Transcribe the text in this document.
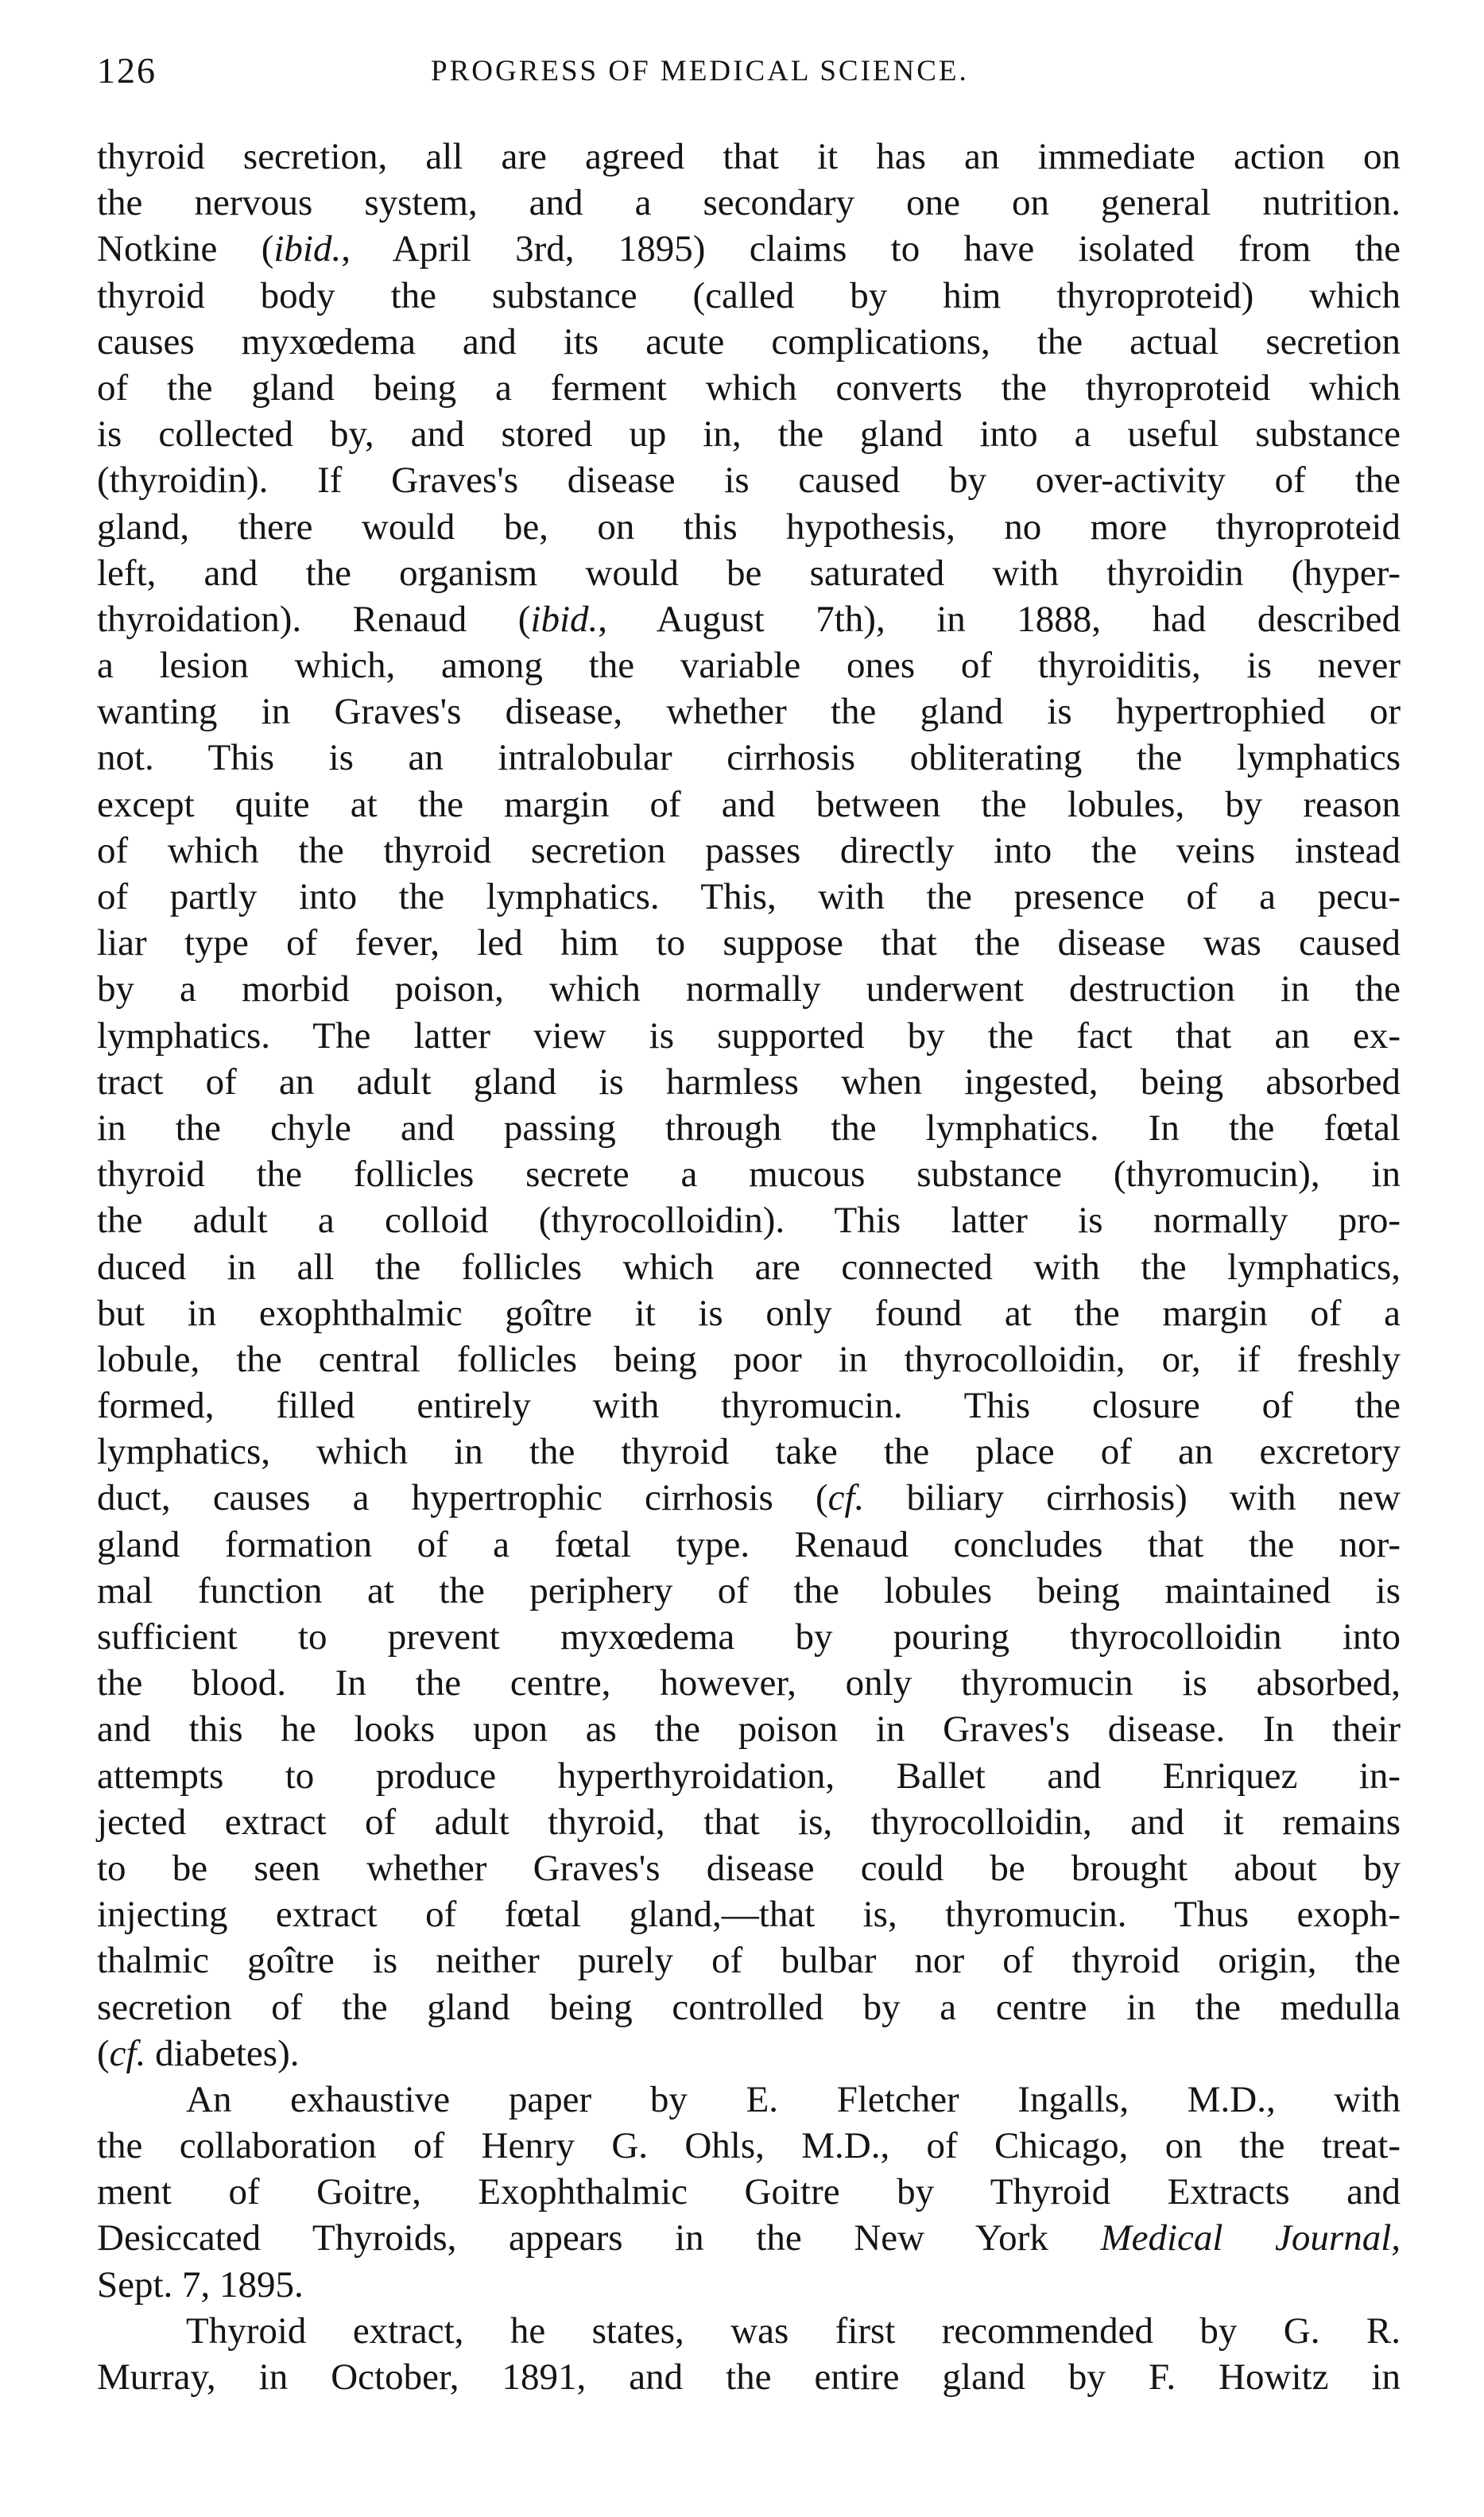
126	PROGRESS OF MEDICAL SCIENCE.
thyroid secretion, all are agreed that it has an immediate action on
the nervous system, and a secondary one on general nutrition.
Notkine (ibid., April 3rd, 1895) claims to have isolated from the
thyroid body the substance (called by him thyroproteid) which
causes myxœdema and its acute complications, the actual secretion
of the gland being a ferment which converts the thyroproteid which
is collected by, and stored up in, the gland into a useful substance
(thyroidin). If Graves's disease is caused by over-activity of the
gland, there would be, on this hypothesis, no more thyroproteid
left, and the organism would be saturated with thyroidin (hyper-
thyroidation). Renaud (ibid., August 7th), in 1888, had described
a lesion which, among the variable ones of thyroiditis, is never
wanting in Graves's disease, whether the gland is hypertrophied or
not. This is an intralobular cirrhosis obliterating the lymphatics
except quite at the margin of and between the lobules, by reason
of which the thyroid secretion passes directly into the veins instead
of partly into the lymphatics. This, with the presence of a pecu-
liar type of fever, led him to suppose that the disease was caused
by a morbid poison, which normally underwent destruction in the
lymphatics. The latter view is supported by the fact that an ex-
tract of an adult gland is harmless when ingested, being absorbed
in the chyle and passing through the lymphatics. In the fœtal
thyroid the follicles secrete a mucous substance (thyromucin), in
the adult a colloid (thyrocolloidin). This latter is normally pro-
duced in all the follicles which are connected with the lymphatics,
but in exophthalmic goître it is only found at the margin of a
lobule, the central follicles being poor in thyrocolloidin, or, if freshly
formed, filled entirely with thyromucin. This closure of the
lymphatics, which in the thyroid take the place of an excretory
duct, causes a hypertrophic cirrhosis (cf. biliary cirrhosis) with new
gland formation of a fœtal type. Renaud concludes that the nor-
mal function at the periphery of the lobules being maintained is
sufficient to prevent myxœdema by pouring thyrocolloidin into
the blood. In the centre, however, only thyromucin is absorbed,
and this he looks upon as the poison in Graves's disease. In their
attempts to produce hyperthyroidation, Ballet and Enriquez in-
jected extract of adult thyroid, that is, thyrocolloidin, and it remains
to be seen whether Graves's disease could be brought about by
injecting extract of fœtal gland,—that is, thyromucin. Thus exoph-
thalmic goître is neither purely of bulbar nor of thyroid origin, the
secretion of the gland being controlled by a centre in the medulla
(cf. diabetes).
An exhaustive paper by E. Fletcher Ingalls, M.D., with
the collaboration of Henry G. Ohls, M.D., of Chicago, on the treat-
ment of Goitre, Exophthalmic Goitre by Thyroid Extracts and
Desiccated Thyroids, appears in the New York Medical Journal,
Sept. 7, 1895.
Thyroid extract, he states, was first recommended by G. R.
Murray, in October, 1891, and the entire gland by F. Howitz in
